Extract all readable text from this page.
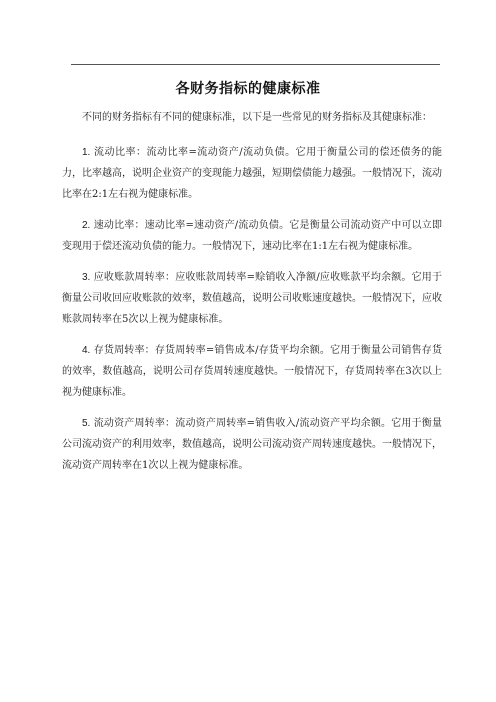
各财务指标的健康标准

不同的财务指标有不同的健康标准，以下是一些常见的财务指标及其健康标准：

1. 流动比率：流动比率=流动资产/流动负债。它用于衡量公司的偿还债务的能力，比率越高，说明企业资产的变现能力越强，短期偿债能力越强。一般情况下，流动比率在2:1左右视为健康标准。

2. 速动比率：速动比率=速动资产/流动负债。它是衡量公司流动资产中可以立即变现用于偿还流动负债的能力。一般情况下，速动比率在1:1左右视为健康标准。

3. 应收账款周转率：应收账款周转率=赊销收入净额/应收账款平均余额。它用于衡量公司收回应收账款的效率，数值越高，说明公司收账速度越快。一般情况下，应收账款周转率在5次以上视为健康标准。

4. 存货周转率：存货周转率=销售成本/存货平均余额。它用于衡量公司销售存货的效率，数值越高，说明公司存货周转速度越快。一般情况下，存货周转率在3次以上视为健康标准。

5. 流动资产周转率：流动资产周转率=销售收入/流动资产平均余额。它用于衡量公司流动资产的利用效率，数值越高，说明公司流动资产周转速度越快。一般情况下，流动资产周转率在1次以上视为健康标准。
